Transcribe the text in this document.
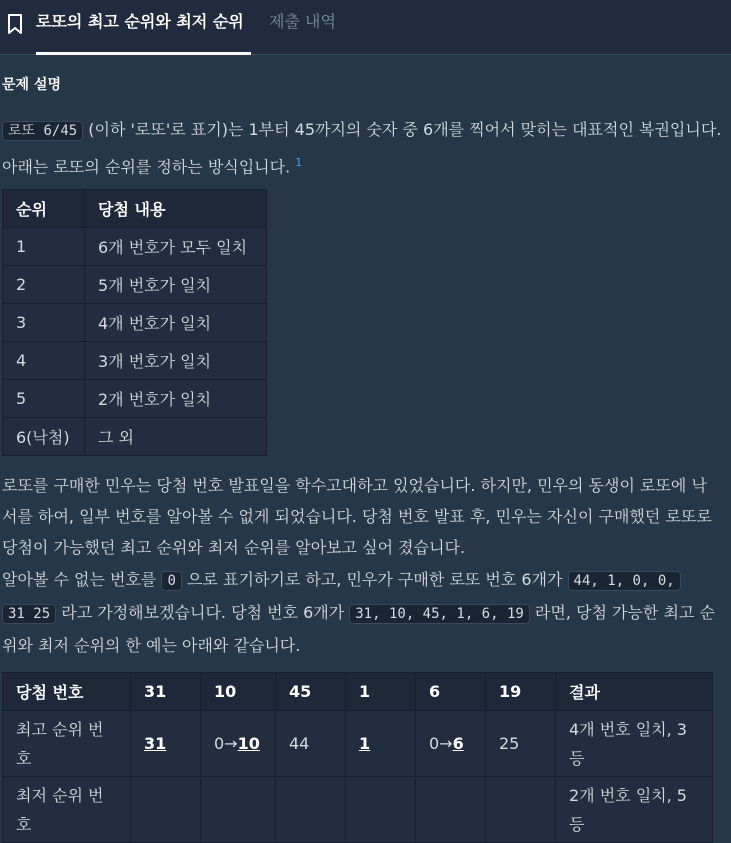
로또의 최고 순위와 최저 순위	제출 내역
문제 설명
로또 6/45 (이하 '로또'로 표기)는 1부터 45까지의 숫자 중 6개를 찍어서 맞히는 대표적인 복권입니다. 아래는 로또의 순위를 정하는 방식입니다. $^1$
순위	당첨 내용
1	6개 번호가 모두 일치
2	5개 번호가 일치
3	4개 번호가 일치
4	3개 번호가 일치
5	2개 번호가 일치
6(낙첨)	그 외
로또를 구매한 민우는 당첨 번호 발표일을 학수고대하고 있었습니다. 하지만, 민우의 동생이 로또에 낙서를 하여, 일부 번호를 알아볼 수 없게 되었습니다. 당첨 번호 발표 후, 민우는 자신이 구매했던 로또로 당첨이 가능했던 최고 순위와 최저 순위를 알아보고 싶어 졌습니다.
알아볼 수 없는 번호를 0 으로 표기하기로 하고, 민우가 구매한 로또 번호 6개가 44, 1, 0, 0, 31 25 라고 가정해보겠습니다. 당첨 번호 6개가 31, 10, 45, 1, 6, 19 라면, 당첨 가능한 최고 순위와 최저 순위의 한 예는 아래와 같습니다.
당첨 번호	31	10	45	1	6	19	결과
최고 순위 번호	31	0→10	44	1	0→6	25	4개 번호 일치, 3등
최저 순위 번호							2개 번호 일치, 5등
